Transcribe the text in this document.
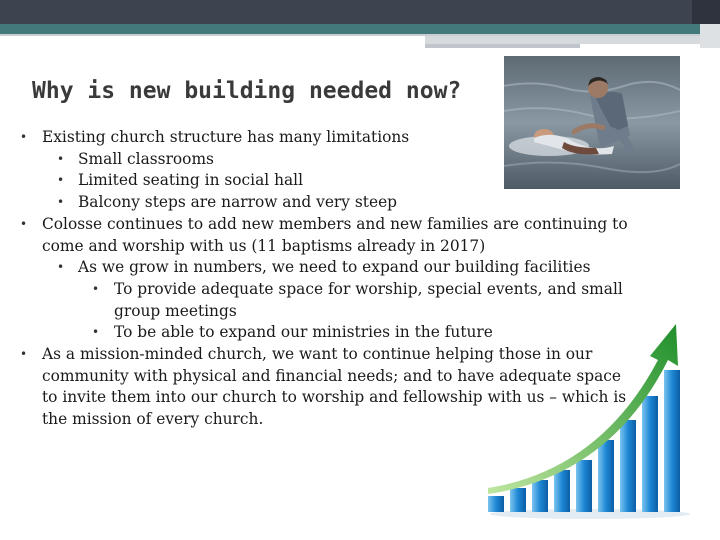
Why is new building needed now?

• Existing church structure has many limitations

• Small classrooms

• Limited seating in social hall

• Balcony steps are narrow and very steep

• Colosse continues to add new members and new families are continuing to come and worship with us (11 baptisms already in 2017)

• As we grow in numbers, we need to expand our building facilities

• To provide adequate space for worship, special events, and small group meetings

• To be able to expand our ministries in the future

• As a mission-minded church, we want to continue helping those in our community with physical and financial needs; and to have adequate space to invite them into our church to worship and fellowship with us – which is the mission of every church.
